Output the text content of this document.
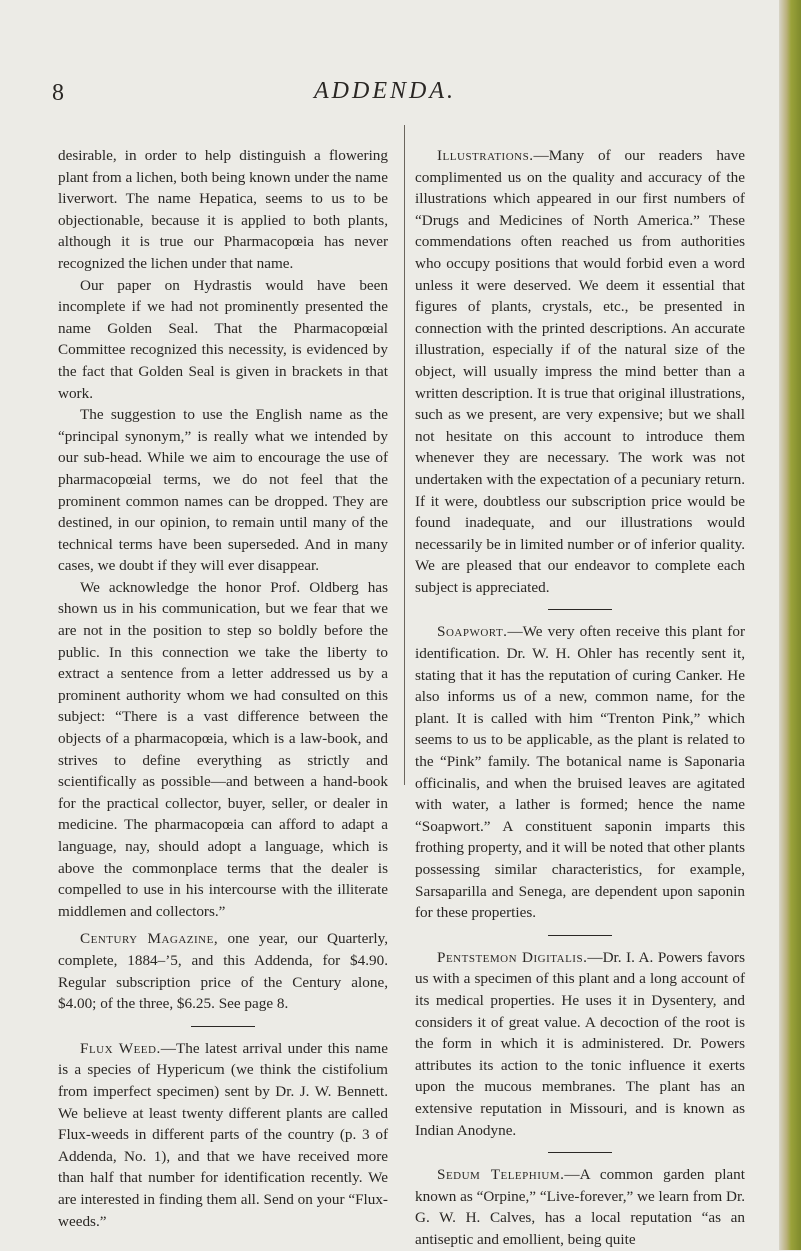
8	ADDENDA.

desirable, in order to help distinguish a flowering plant from a lichen, both being known under the name liverwort. The name Hepatica, seems to us to be objectionable, because it is applied to both plants, although it is true our Pharmacopœia has never recognized the lichen under that name.

Our paper on Hydrastis would have been incomplete if we had not prominently presented the name Golden Seal. That the Pharmacopœial Committee recognized this necessity, is evidenced by the fact that Golden Seal is given in brackets in that work.

The suggestion to use the English name as the “principal synonym,” is really what we intended by our sub-head. While we aim to encourage the use of pharmacopœial terms, we do not feel that the prominent common names can be dropped. They are destined, in our opinion, to remain until many of the technical terms have been superseded. And in many cases, we doubt if they will ever disappear.

We acknowledge the honor Prof. Oldberg has shown us in his communication, but we fear that we are not in the position to step so boldly before the public. In this connection we take the liberty to extract a sentence from a letter addressed us by a prominent authority whom we had consulted on this subject: “There is a vast difference between the objects of a pharmacopœia, which is a law-book, and strives to define everything as strictly and scientifically as possible—and between a hand-book for the practical collector, buyer, seller, or dealer in medicine. The pharmacopœia can afford to adapt a language, nay, should adopt a language, which is above the commonplace terms that the dealer is compelled to use in his intercourse with the illiterate middlemen and collectors.”

Century Magazine, one year, our Quarterly, complete, 1884–’5, and this Addenda, for $4.90. Regular subscription price of the Century alone, $4.00; of the three, $6.25. See page 8.

Flux Weed.—The latest arrival under this name is a species of Hypericum (we think the cistifolium from imperfect specimen) sent by Dr. J. W. Bennett. We believe at least twenty different plants are called Flux-weeds in different parts of the country (p. 3 of Addenda, No. 1), and that we have received more than half that number for identification recently. We are interested in finding them all. Send on your “Flux-weeds.”

Illustrations.—Many of our readers have complimented us on the quality and accuracy of the illustrations which appeared in our first numbers of “Drugs and Medicines of North America.” These commendations often reached us from authorities who occupy positions that would forbid even a word unless it were deserved. We deem it essential that figures of plants, crystals, etc., be presented in connection with the printed descriptions. An accurate illustration, especially if of the natural size of the object, will usually impress the mind better than a written description. It is true that original illustrations, such as we present, are very expensive; but we shall not hesitate on this account to introduce them whenever they are necessary. The work was not undertaken with the expectation of a pecuniary return. If it were, doubtless our subscription price would be found inadequate, and our illustrations would necessarily be in limited number or of inferior quality. We are pleased that our endeavor to complete each subject is appreciated.

Soapwort.—We very often receive this plant for identification. Dr. W. H. Ohler has recently sent it, stating that it has the reputation of curing Canker. He also informs us of a new, common name, for the plant. It is called with him “Trenton Pink,” which seems to us to be applicable, as the plant is related to the “Pink” family. The botanical name is Saponaria officinalis, and when the bruised leaves are agitated with water, a lather is formed; hence the name “Soapwort.” A constituent saponin imparts this frothing property, and it will be noted that other plants possessing similar characteristics, for example, Sarsaparilla and Senega, are dependent upon saponin for these properties.

Pentstemon Digitalis.—Dr. I. A. Powers favors us with a specimen of this plant and a long account of its medical properties. He uses it in Dysentery, and considers it of great value. A decoction of the root is the form in which it is administered. Dr. Powers attributes its action to the tonic influence it exerts upon the mucous membranes. The plant has an extensive reputation in Missouri, and is known as Indian Anodyne.

Sedum Telephium.—A common garden plant known as “Orpine,” “Live-forever,” we learn from Dr. G. W. H. Calves, has a local reputation “as an antiseptic and emollient, being quite
